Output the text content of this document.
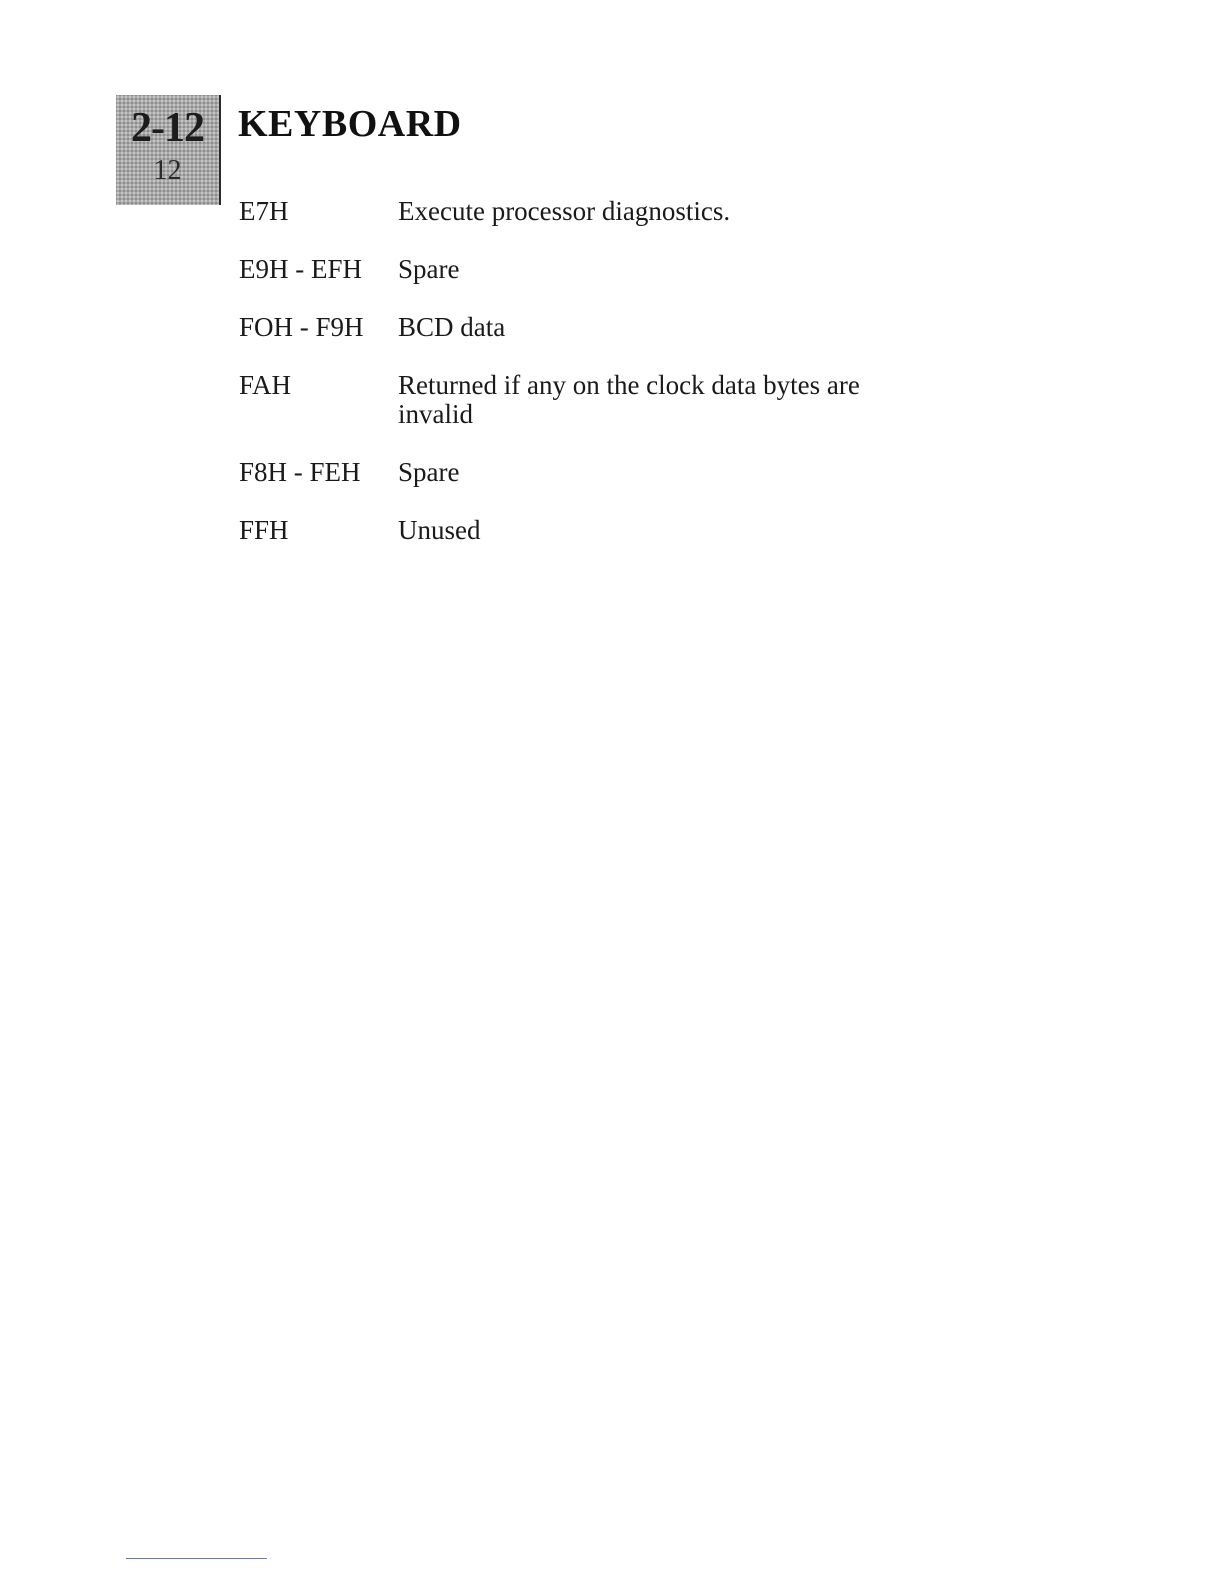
2-12
12
KEYBOARD
E7H	Execute processor diagnostics.
E9H - EFH	Spare
FOH - F9H	BCD data
FAH	Returned if any on the clock data bytes are invalid
F8H - FEH	Spare
FFH	Unused
